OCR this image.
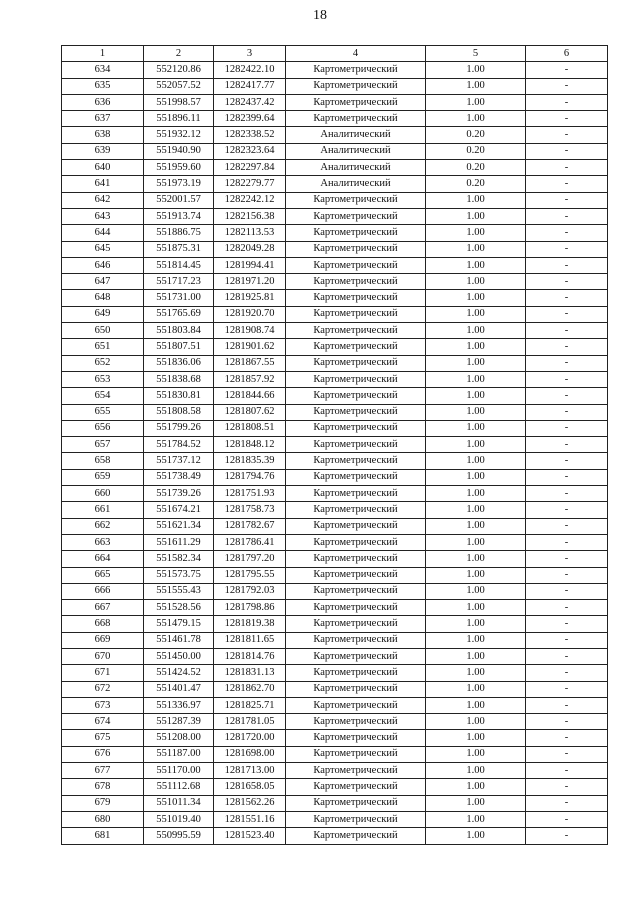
18
1	2	3	4	5	6
634	552120.86	1282422.10	Картометрический	1.00	-
635	552057.52	1282417.77	Картометрический	1.00	-
636	551998.57	1282437.42	Картометрический	1.00	-
637	551896.11	1282399.64	Картометрический	1.00	-
638	551932.12	1282338.52	Аналитический	0.20	-
639	551940.90	1282323.64	Аналитический	0.20	-
640	551959.60	1282297.84	Аналитический	0.20	-
641	551973.19	1282279.77	Аналитический	0.20	-
642	552001.57	1282242.12	Картометрический	1.00	-
643	551913.74	1282156.38	Картометрический	1.00	-
644	551886.75	1282113.53	Картометрический	1.00	-
645	551875.31	1282049.28	Картометрический	1.00	-
646	551814.45	1281994.41	Картометрический	1.00	-
647	551717.23	1281971.20	Картометрический	1.00	-
648	551731.00	1281925.81	Картометрический	1.00	-
649	551765.69	1281920.70	Картометрический	1.00	-
650	551803.84	1281908.74	Картометрический	1.00	-
651	551807.51	1281901.62	Картометрический	1.00	-
652	551836.06	1281867.55	Картометрический	1.00	-
653	551838.68	1281857.92	Картометрический	1.00	-
654	551830.81	1281844.66	Картометрический	1.00	-
655	551808.58	1281807.62	Картометрический	1.00	-
656	551799.26	1281808.51	Картометрический	1.00	-
657	551784.52	1281848.12	Картометрический	1.00	-
658	551737.12	1281835.39	Картометрический	1.00	-
659	551738.49	1281794.76	Картометрический	1.00	-
660	551739.26	1281751.93	Картометрический	1.00	-
661	551674.21	1281758.73	Картометрический	1.00	-
662	551621.34	1281782.67	Картометрический	1.00	-
663	551611.29	1281786.41	Картометрический	1.00	-
664	551582.34	1281797.20	Картометрический	1.00	-
665	551573.75	1281795.55	Картометрический	1.00	-
666	551555.43	1281792.03	Картометрический	1.00	-
667	551528.56	1281798.86	Картометрический	1.00	-
668	551479.15	1281819.38	Картометрический	1.00	-
669	551461.78	1281811.65	Картометрический	1.00	-
670	551450.00	1281814.76	Картометрический	1.00	-
671	551424.52	1281831.13	Картометрический	1.00	-
672	551401.47	1281862.70	Картометрический	1.00	-
673	551336.97	1281825.71	Картометрический	1.00	-
674	551287.39	1281781.05	Картометрический	1.00	-
675	551208.00	1281720.00	Картометрический	1.00	-
676	551187.00	1281698.00	Картометрический	1.00	-
677	551170.00	1281713.00	Картометрический	1.00	-
678	551112.68	1281658.05	Картометрический	1.00	-
679	551011.34	1281562.26	Картометрический	1.00	-
680	551019.40	1281551.16	Картометрический	1.00	-
681	550995.59	1281523.40	Картометрический	1.00	-
